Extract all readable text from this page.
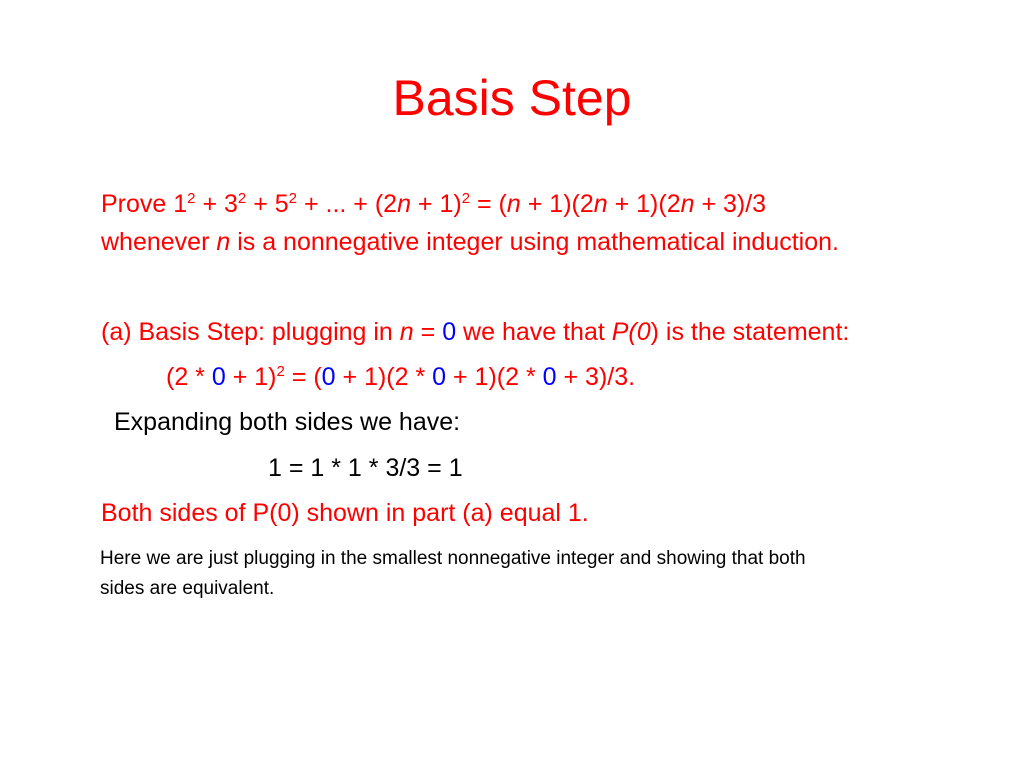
Basis Step
Prove $1^2 + 3^2 + 5^2$ + ... + $(2n + 1)^2 = (n + 1)(2n + 1)(2n + 3)/3$
whenever n is a nonnegative integer using mathematical induction.
(a) Basis Step: plugging in n = 0 we have that P(0) is the statement:
$(2 * 0 + 1)^2 = (0 + 1)(2 * 0 + 1)(2 * 0 + 3)/3$.
Expanding both sides we have:
1 = 1 * 1 * 3/3 = 1
Both sides of P(0) shown in part (a) equal 1.
Here we are just plugging in the smallest nonnegative integer and showing that both
sides are equivalent.
